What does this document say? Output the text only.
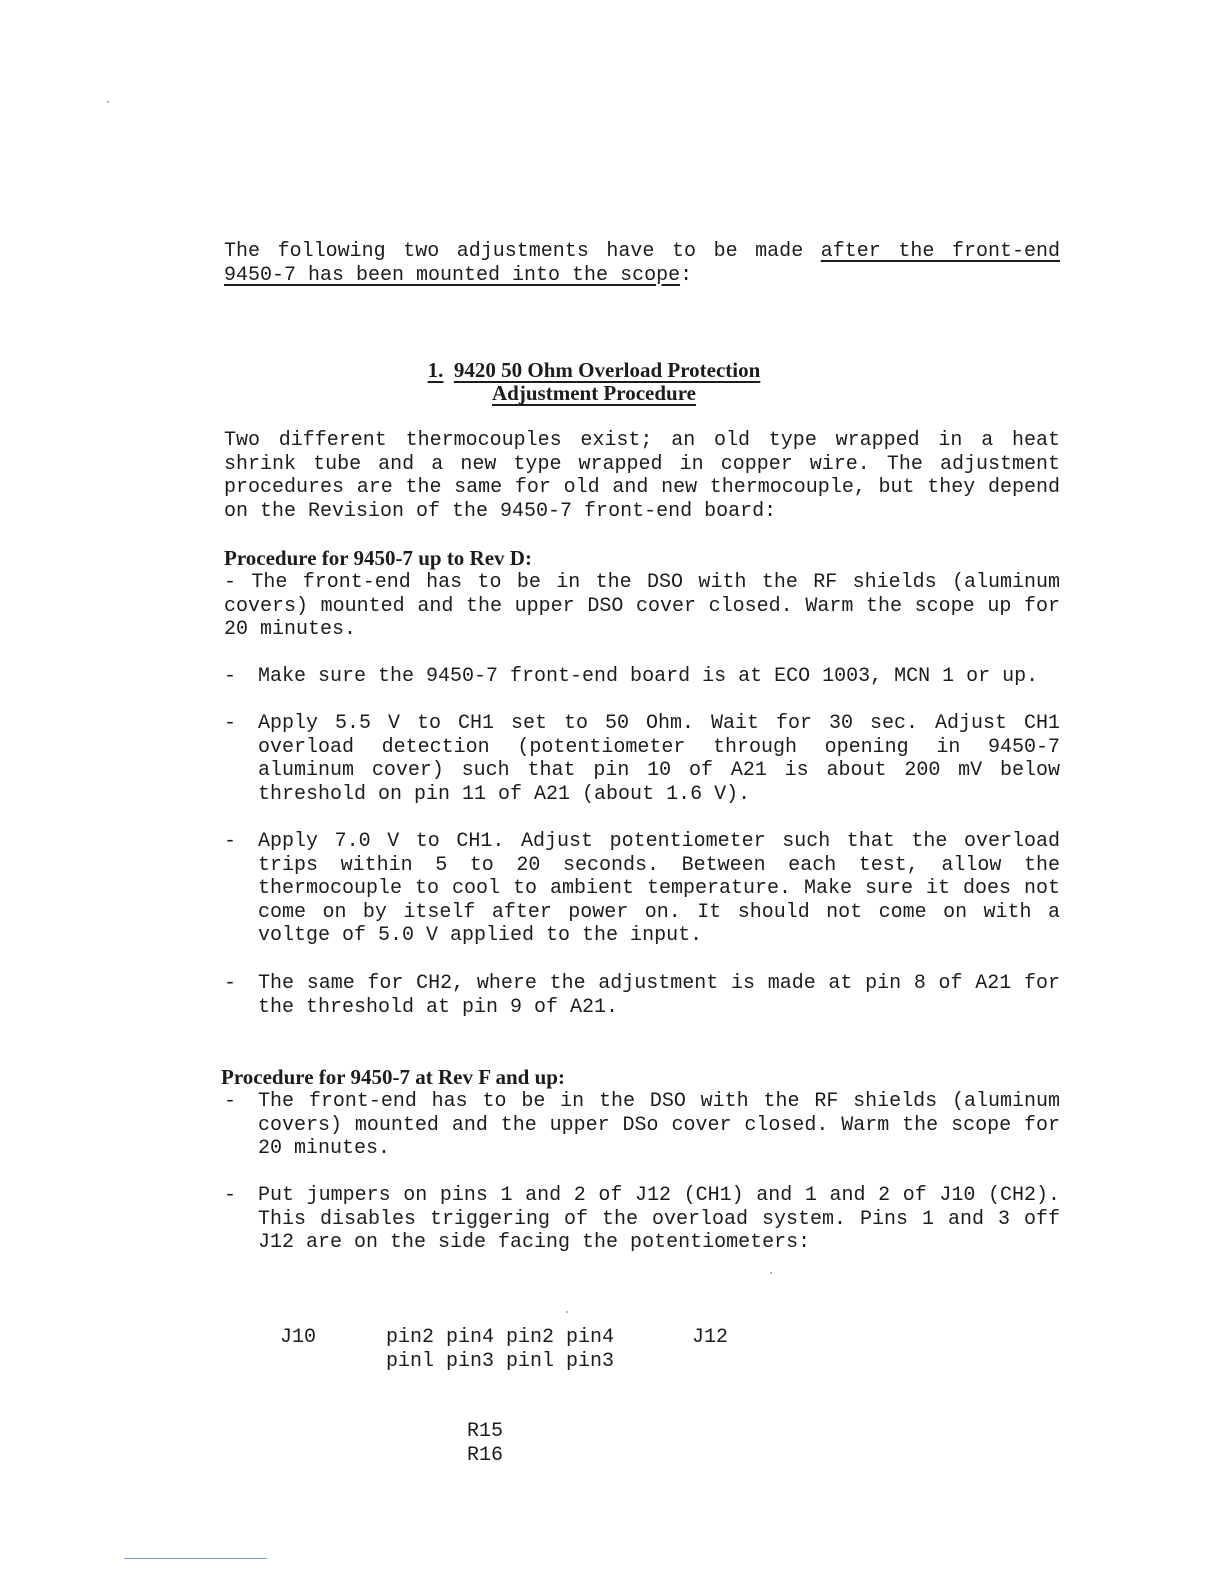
The following two adjustments have to be made after the front-end 9450-7 has been mounted into the scope:

1. 9420 50 Ohm Overload Protection
Adjustment Procedure

Two different thermocouples exist; an old type wrapped in a heat shrink tube and a new type wrapped in copper wire. The adjustment procedures are the same for old and new thermocouple, but they depend on the Revision of the 9450-7 front-end board:

Procedure for 9450-7 up to Rev D:

- The front-end has to be in the DSO with the RF shields (aluminum covers) mounted and the upper DSO cover closed. Warm the scope up for 20 minutes.

- Make sure the 9450-7 front-end board is at ECO 1003, MCN 1 or up.
- Apply 5.5 V to CH1 set to 50 Ohm. Wait for 30 sec. Adjust CH1 overload detection (potentiometer through opening in 9450-7 aluminum cover) such that pin 10 of A21 is about 200 mV below threshold on pin 11 of A21 (about 1.6 V).
- Apply 7.0 V to CH1. Adjust potentiometer such that the overload trips within 5 to 20 seconds. Between each test, allow the thermocouple to cool to ambient temperature. Make sure it does not come on by itself after power on. It should not come on with a voltge of 5.0 V applied to the input.
- The same for CH2, where the adjustment is made at pin 8 of A21 for the threshold at pin 9 of A21.
Procedure for 9450-7 at Rev F and up:
- The front-end has to be in the DSO with the RF shields (aluminum covers) mounted and the upper DSo cover closed. Warm the scope for 20 minutes.
- Put jumpers on pins 1 and 2 of J12 (CH1) and 1 and 2 of J10 (CH2). This disables triggering of the overload system. Pins 1 and 3 off J12 are on the side facing the potentiometers:
J10	pin2 pin4 pin2 pin4
pinl pin3 pinl pin3
J12
R15
R16
